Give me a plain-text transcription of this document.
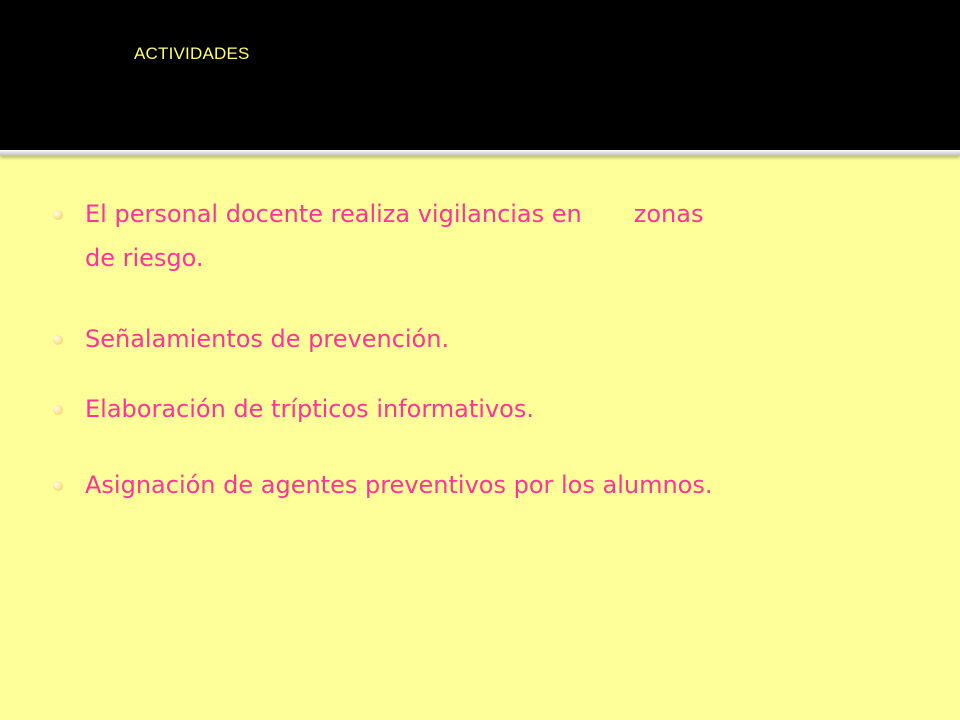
ACTIVIDADES
El personal docente realiza vigilancias en zonas
de riesgo.
Señalamientos de prevención.
Elaboración de trípticos informativos.
Asignación de agentes preventivos por los alumnos.
